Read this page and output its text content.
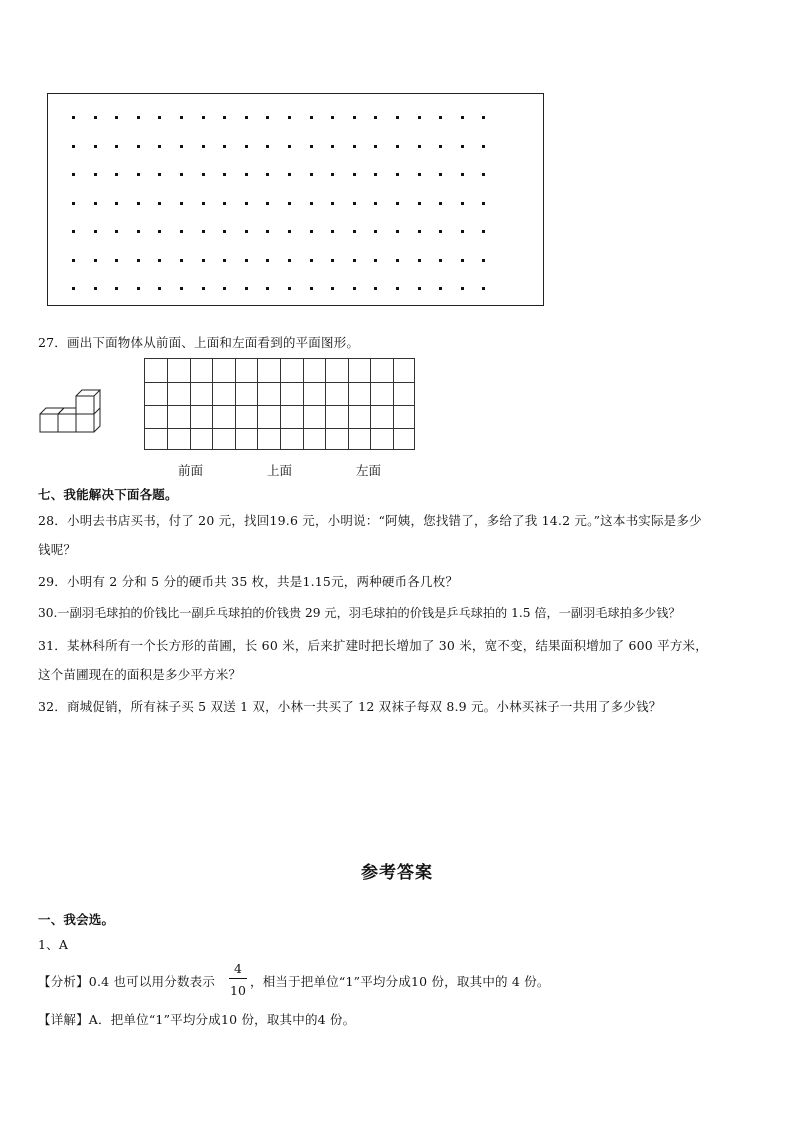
27．画出下面物体从前面、上面和左面看到的平面图形。
前面	上面	左面
七、我能解决下面各题。
28．小明去书店买书，付了 20 元，找回19.6 元，小明说：“阿姨，您找错了，多给了我 14.2 元。”这本书实际是多少
钱呢？
29．小明有 2 分和 5 分的硬币共 35 枚，共是1.15元，两种硬币各几枚？
30.一副羽毛球拍的价钱比一副乒乓球拍的价钱贵 29 元，羽毛球拍的价钱是乒乓球拍的 1.5 倍，一副羽毛球拍多少钱？
31．某林科所有一个长方形的苗圃，长 60 米，后来扩建时把长增加了 30 米，宽不变，结果面积增加了 600 平方米，
这个苗圃现在的面积是多少平方米？
32．商城促销，所有袜子买 5 双送 1 双，小林一共买了 12 双袜子每双 8.9 元。小林买袜子一共用了多少钱？
参考答案
一、我会选。
1、A
【分析】0.4 也可以用分数表示
4
10
，相当于把单位“1”平均分成10 份，取其中的 4 份。
【详解】A．把单位“1”平均分成10 份，取其中的4 份。
